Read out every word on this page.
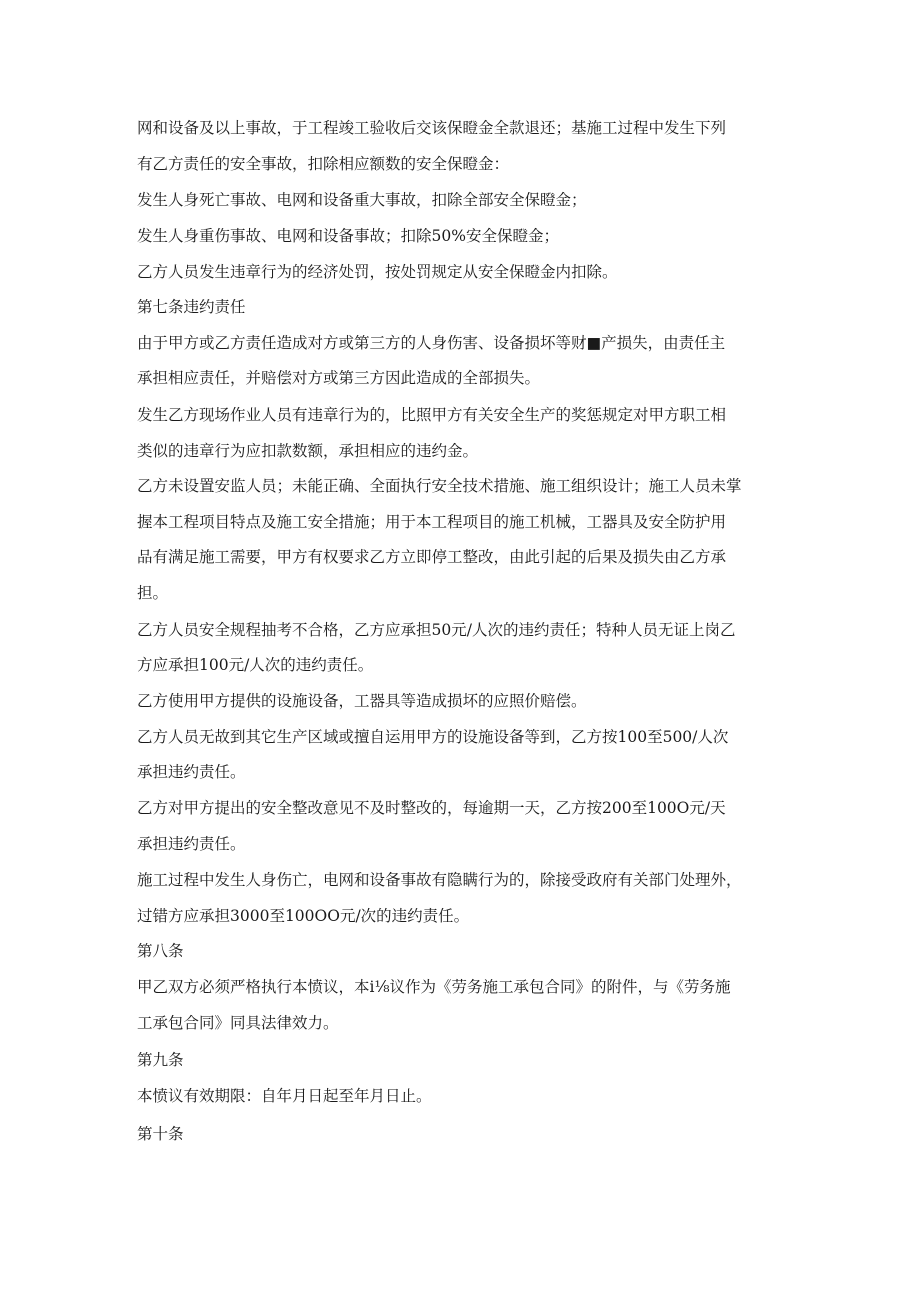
网和设备及以上事故，于工程竣工验收后交该保瞪金全款退还；基施工过程中发生下列
有乙方责任的安全事故，扣除相应额数的安全保瞪金：
发生人身死亡事故、电网和设备重大事故，扣除全部安全保瞪金；
发生人身重伤事故、电网和设备事故；扣除50%安全保瞪金；
乙方人员发生违章行为的经济处罚，按处罚规定从安全保瞪金内扣除。
第七条违约责任
由于甲方或乙方责任造成对方或第三方的人身伤害、设备损坏等财■产损失，由责任主
承担相应责任，并赔偿对方或第三方因此造成的全部损失。
发生乙方现场作业人员有违章行为的，比照甲方有关安全生产的奖惩规定对甲方职工相
类似的违章行为应扣款数额，承担相应的违约金。
乙方未设置安监人员；未能正确、全面执行安全技术措施、施工组织设计；施工人员未掌
握本工程项目特点及施工安全措施；用于本工程项目的施工机械，工器具及安全防护用
品有满足施工需要，甲方有权要求乙方立即停工整改，由此引起的后果及损失由乙方承
担。
乙方人员安全规程抽考不合格，乙方应承担50元/人次的违约责任；特种人员无证上岗乙
方应承担100元/人次的违约责任。
乙方使用甲方提供的设施设备，工器具等造成损坏的应照价赔偿。
乙方人员无故到其它生产区域或擅自运用甲方的设施设备等到，乙方按100至500/人次
承担违约责任。
乙方对甲方提出的安全整改意见不及时整改的，每逾期一天，乙方按200至100O元/天
承担违约责任。
施工过程中发生人身伤亡，电网和设备事故有隐瞒行为的，除接受政府有关部门处理外，
过错方应承担3000至100OO元/次的违约责任。
第八条
甲乙双方必须严格执行本愤议，本i⅛议作为《劳务施工承包合同》的附件，与《劳务施
工承包合同》同具法律效力。
第九条
本愤议有效期限：自年月日起至年月日止。
第十条
